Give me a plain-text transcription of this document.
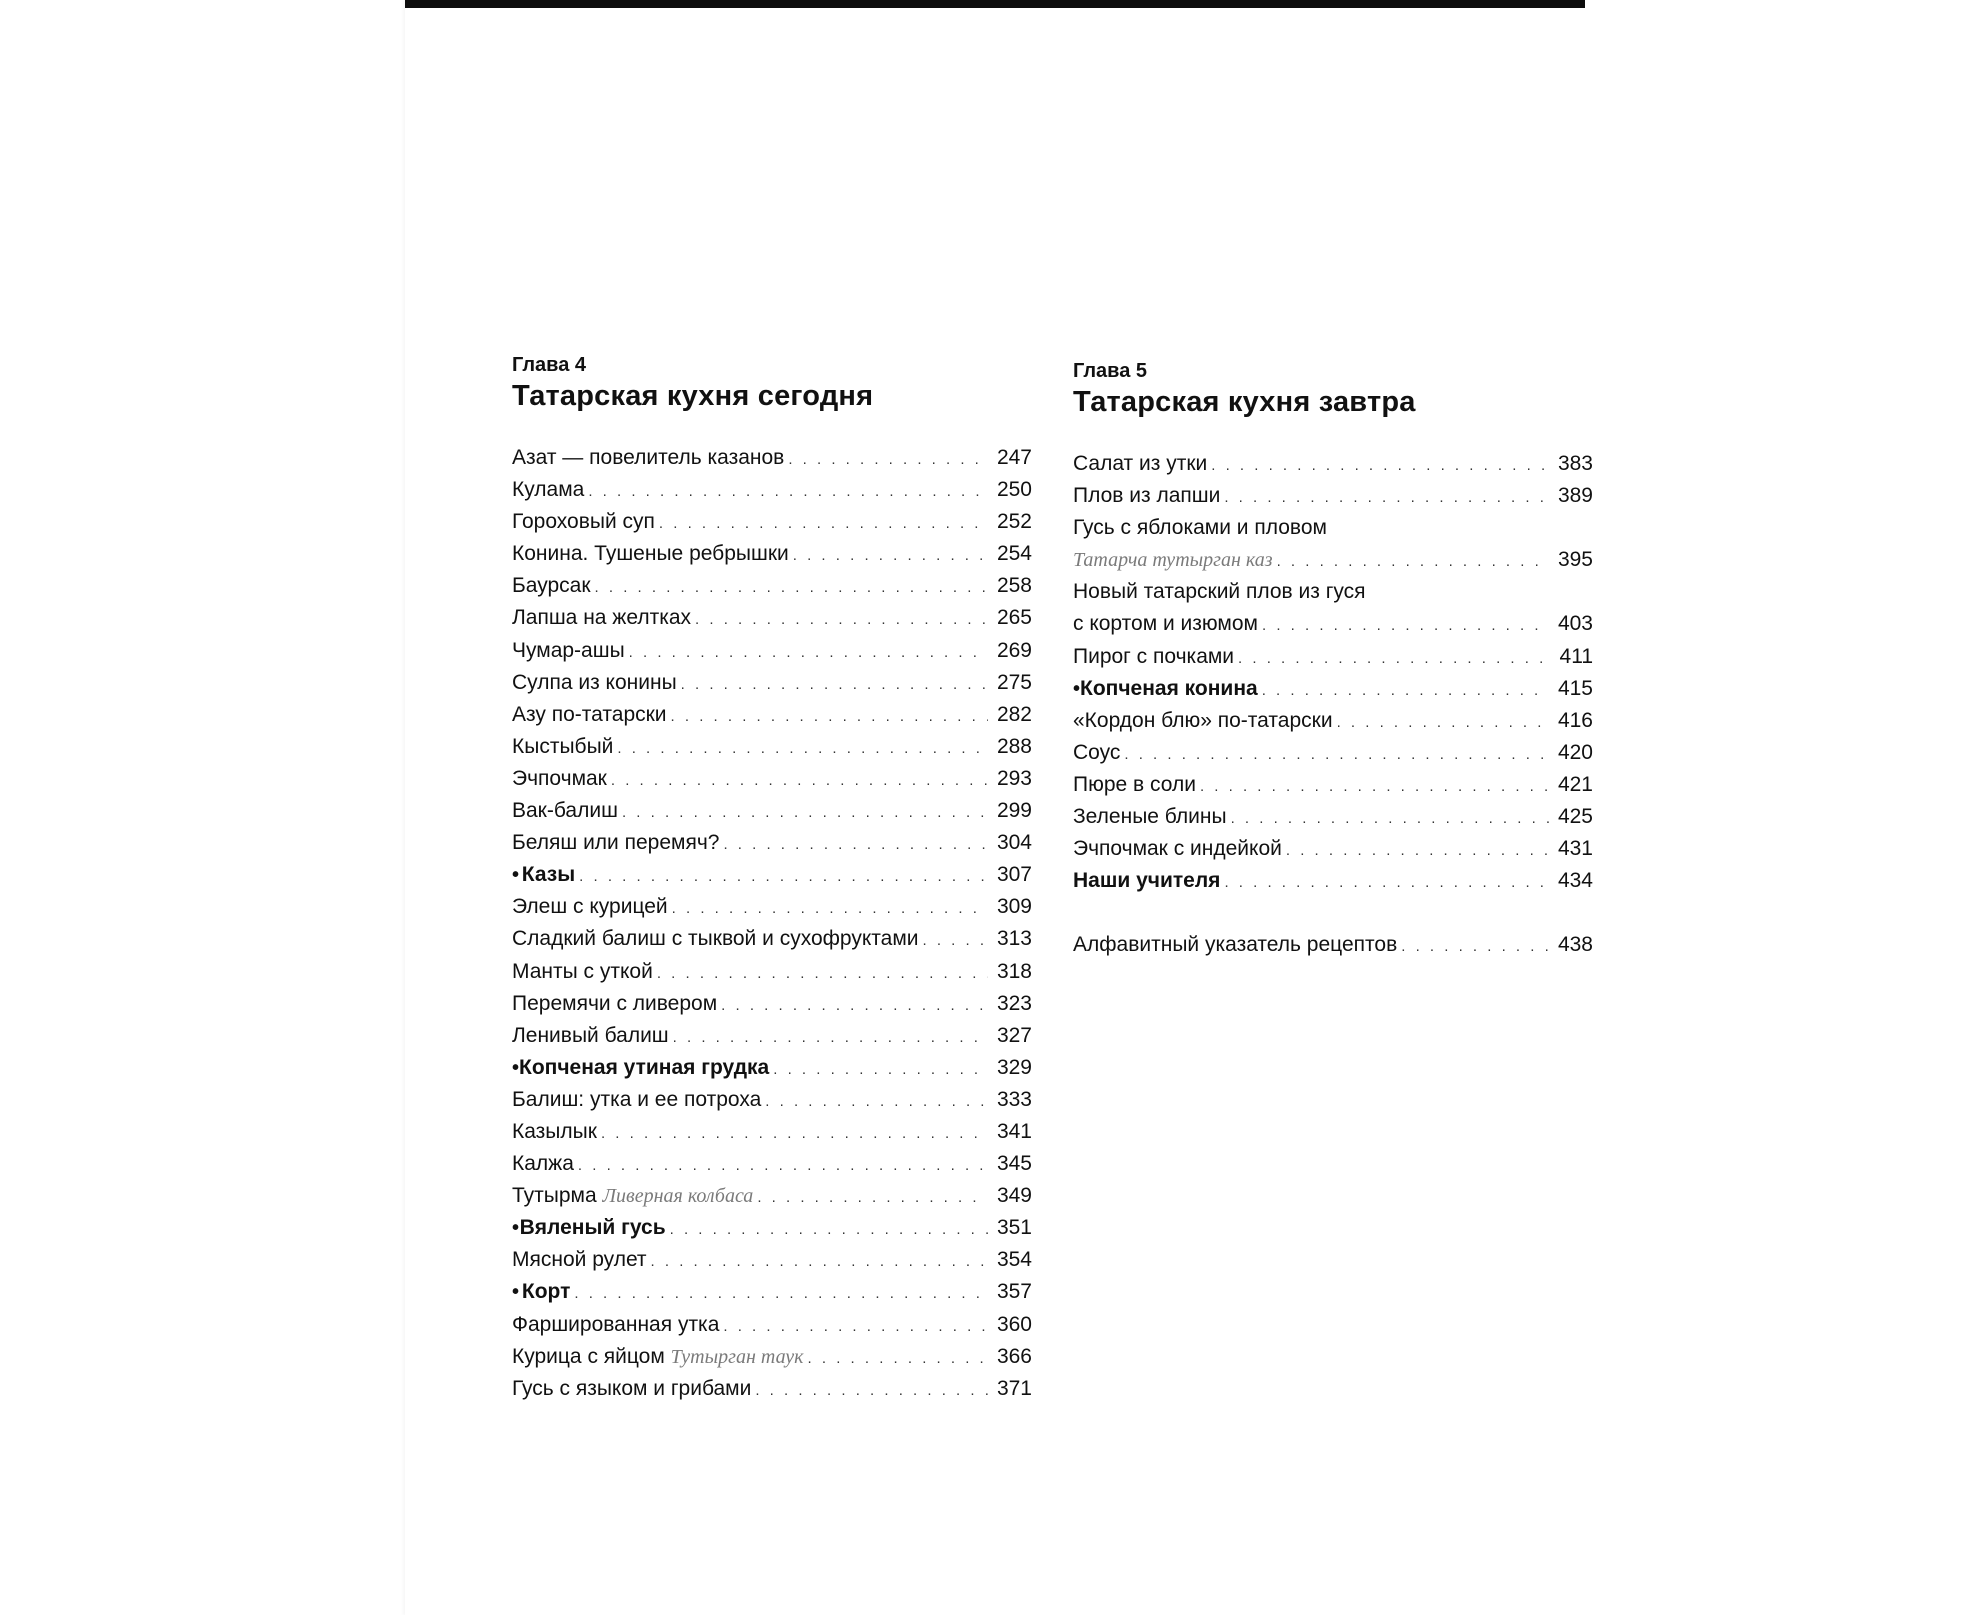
Глава 4

Татарская кухня сегодня
Азат — повелитель казанов . . .	247
Кулама . . .	250
Гороховый суп . . .	252
Конина. Тушеные ребрышки . . .	254
Баурсак . . .	258
Лапша на желтках . . .	265
Чумар-ашы . . .	269
Сулпа из конины . . .	275
Азу по-татарски . . .	282
Кыстыбый . . .	288
Эчпочмак . . .	293
Вак-балиш . . .	299
Беляш или перемяч? . . .	304
• Казы . . .	307
Элеш с курицей . . .	309
Сладкий балиш с тыквой и сухофруктами . . .	313
Манты с уткой . . .	318
Перемячи с ливером . . .	323
Ленивый балиш . . .	327
• Копченая утиная грудка . . .	329
Балиш: утка и ее потроха . . .	333
Казылык . . .	341
Калжа . . .	345
Тутырма Ливерная колбаса . . .	349
• Вяленый гусь . . .	351
Мясной рулет . . .	354
• Корт . . .	357
Фаршированная утка . . .	360
Курица с яйцом Тутырган таук . . .	366
Гусь с языком и грибами . . .	371

Глава 5

Татарская кухня завтра
Салат из утки . . .	383
Плов из лапши . . .	389
Гусь с яблоками и пловом
Татарча тутырган каз . . .	395
Новый татарский плов из гуся
с кортом и изюмом . . .	403
Пирог с почками . . .	411
• Копченая конина . . .	415
«Кордон блю» по-татарски . . .	416
Соус . . .	420
Пюре в соли . . .	421
Зеленые блины . . .	425
Эчпочмак с индейкой . . .	431
Наши учителя . . .	434
Алфавитный указатель рецептов . . .	438
